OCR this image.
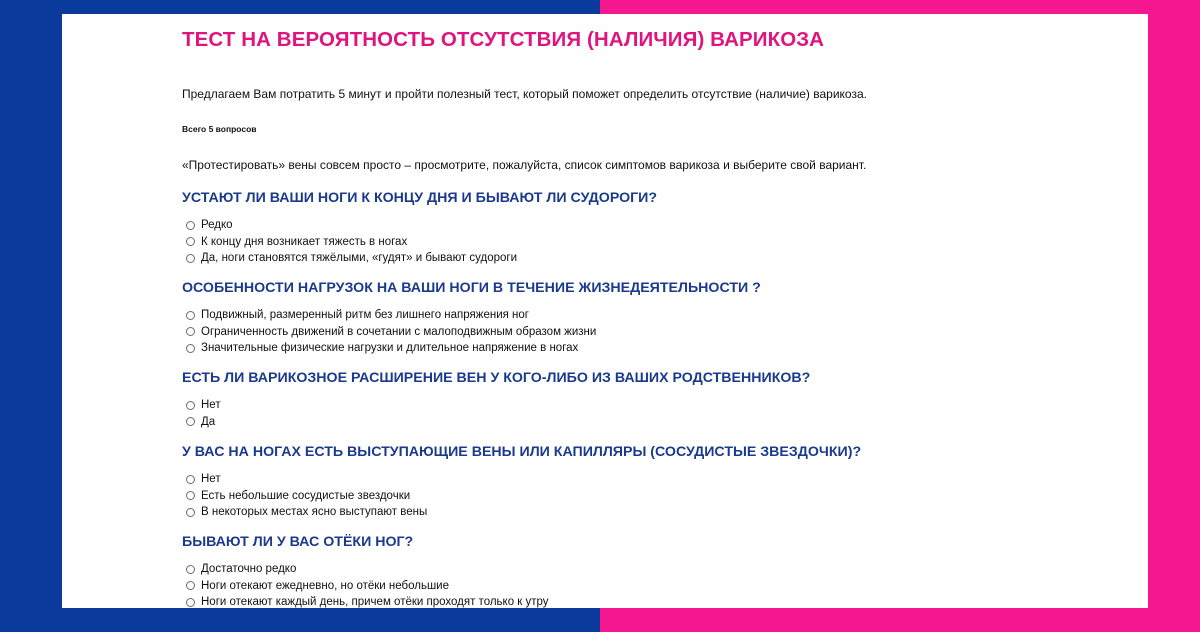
ТЕСТ НА ВЕРОЯТНОСТЬ ОТСУТСТВИЯ (НАЛИЧИЯ) ВАРИКОЗА
Предлагаем Вам потратить 5 минут и пройти полезный тест, который поможет определить отсутствие (наличие) варикоза.
Всего 5 вопросов
«Протестировать» вены совсем просто – просмотрите, пожалуйста, список симптомов варикоза и выберите свой вариант.
УСТАЮТ ЛИ ВАШИ НОГИ К КОНЦУ ДНЯ И БЫВАЮТ ЛИ СУДОРОГИ?
Редко
К концу дня возникает тяжесть в ногах
Да, ноги становятся тяжёлыми, «гудят» и бывают судороги
ОСОБЕННОСТИ НАГРУЗОК НА ВАШИ НОГИ В ТЕЧЕНИЕ ЖИЗНЕДЕЯТЕЛЬНОСТИ ?
Подвижный, размеренный ритм без лишнего напряжения ног
Ограниченность движений в сочетании с малоподвижным образом жизни
Значительные физические нагрузки и длительное напряжение в ногах
ЕСТЬ ЛИ ВАРИКОЗНОЕ РАСШИРЕНИЕ ВЕН У КОГО-ЛИБО ИЗ ВАШИХ РОДСТВЕННИКОВ?
Нет
Да
У ВАС НА НОГАХ ЕСТЬ ВЫСТУПАЮЩИЕ ВЕНЫ ИЛИ КАПИЛЛЯРЫ (СОСУДИСТЫЕ ЗВЕЗДОЧКИ)?
Нет
Есть небольшие сосудистые звездочки
В некоторых местах ясно выступают вены
БЫВАЮТ ЛИ У ВАС ОТЁКИ НОГ?
Достаточно редко
Ноги отекают ежедневно, но отёки небольшие
Ноги отекают каждый день, причем отёки проходят только к утру
